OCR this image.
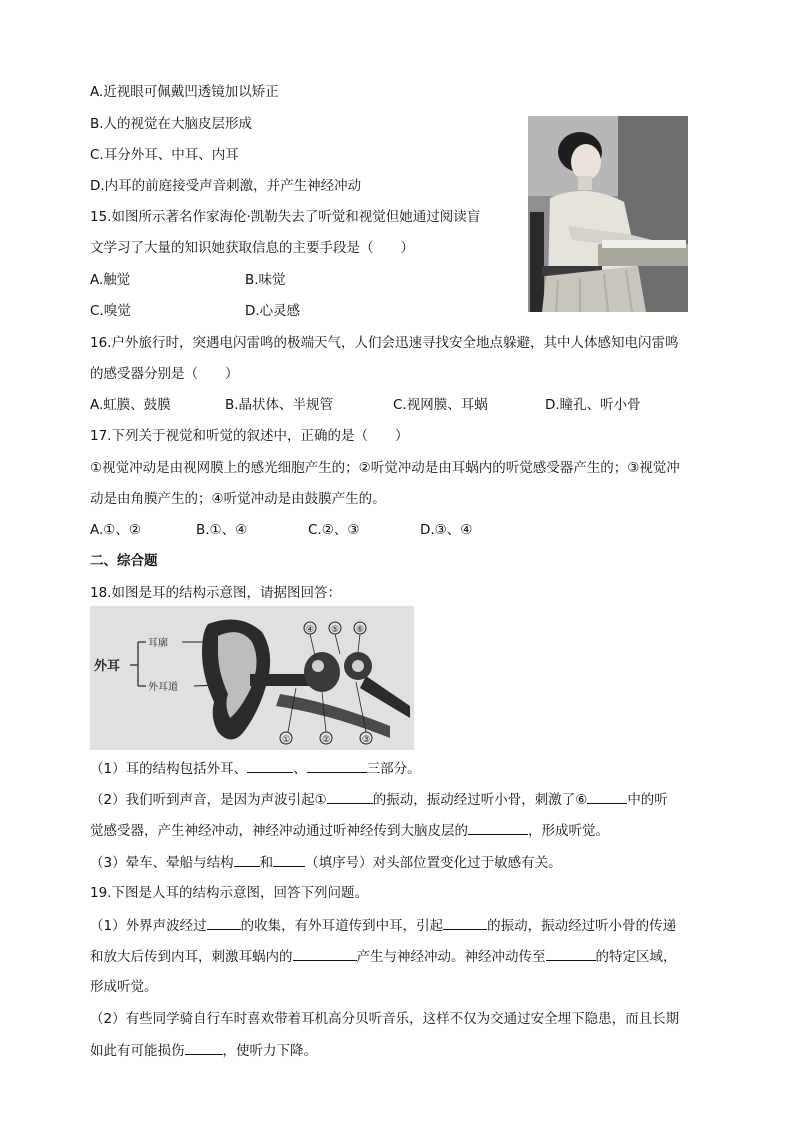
A.近视眼可佩戴凹透镜加以矫正
B.人的视觉在大脑皮层形成
C.耳分外耳、中耳、内耳
D.内耳的前庭接受声音刺激，并产生神经冲动
15.如图所示著名作家海伦·凯勒失去了听觉和视觉但她通过阅读盲
文学习了大量的知识她获取信息的主要手段是（　　）
A.触觉	B.味觉
C.嗅觉	D.心灵感
16.户外旅行时，突遇电闪雷鸣的极端天气，人们会迅速寻找安全地点躲避，其中人体感知电闪雷鸣
的感受器分别是（　　）
A.虹膜、鼓膜	B.晶状体、半规管	C.视网膜、耳蜗	D.瞳孔、听小骨
17.下列关于视觉和听觉的叙述中，正确的是（　　）
①视觉冲动是由视网膜上的感光细胞产生的；②听觉冲动是由耳蜗内的听觉感受器产生的；③视觉冲
动是由角膜产生的；④听觉冲动是由鼓膜产生的。
A.①、②	B.①、④	C.②、③	D.③、④
二、综合题
18.如图是耳的结构示意图，请据图回答：
外耳
耳廓
外耳道
④ ⑤ ⑥
①	②	③
（1）耳的结构包括外耳、	、	三部分。
（2）我们听到声音，是因为声波引起①	的振动，振动经过听小骨，刺激了⑥	中的听
觉感受器，产生神经冲动，神经冲动通过听神经传到大脑皮层的	，形成听觉。
（3）晕车、晕船与结构 和 （填序号）对头部位置变化过于敏感有关。
19.下图是人耳的结构示意图，回答下列问题。
（1）外界声波经过	的收集，有外耳道传到中耳，引起	的振动，振动经过听小骨的传递
和放大后传到内耳，刺激耳蜗内的	产生与神经冲动。神经冲动传至	的特定区域，
形成听觉。
（2）有些同学骑自行车时喜欢带着耳机高分贝听音乐，这样不仅为交通过安全埋下隐患，而且长期
如此有可能损伤	，使听力下降。
